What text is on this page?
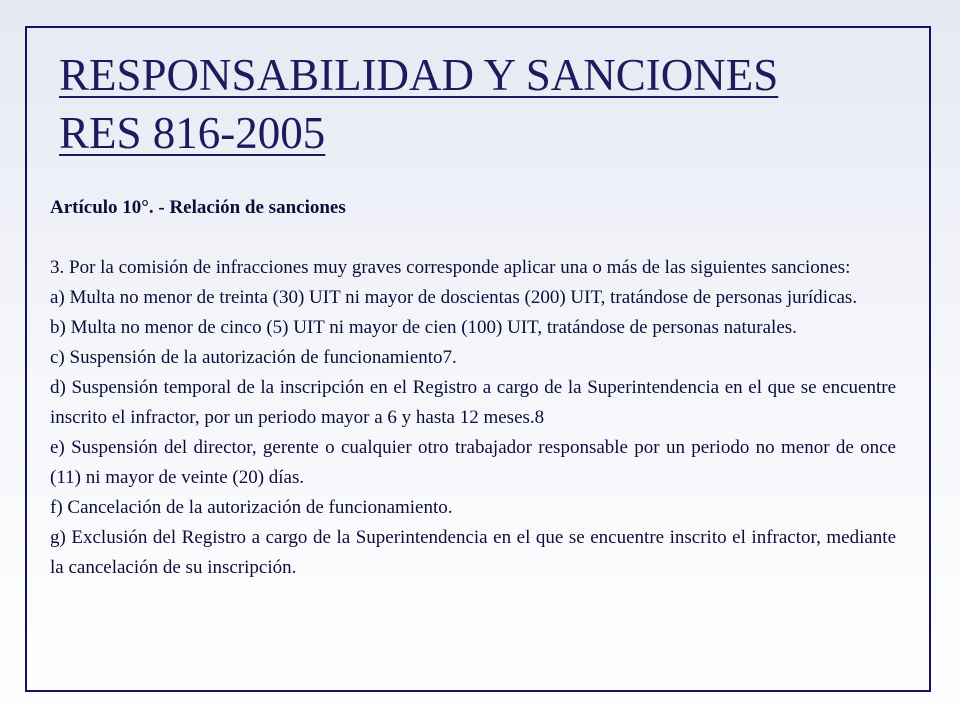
RESPONSABILIDAD Y SANCIONES
RES 816-2005

Artículo 10°. - Relación de sanciones

3. Por la comisión de infracciones muy graves corresponde aplicar una o más de las siguientes sanciones:

a) Multa no menor de treinta (30) UIT ni mayor de doscientas (200) UIT, tratándose de personas jurídicas.

b) Multa no menor de cinco (5) UIT ni mayor de cien (100) UIT, tratándose de personas naturales.

c) Suspensión de la autorización de funcionamiento7.

d) Suspensión temporal de la inscripción en el Registro a cargo de la Superintendencia en el que se encuentre inscrito el infractor, por un periodo mayor a 6 y hasta 12 meses.8

e) Suspensión del director, gerente o cualquier otro trabajador responsable por un periodo no menor de once (11) ni mayor de veinte (20) días.

f) Cancelación de la autorización de funcionamiento.

g) Exclusión del Registro a cargo de la Superintendencia en el que se encuentre inscrito el infractor, mediante la cancelación de su inscripción.
